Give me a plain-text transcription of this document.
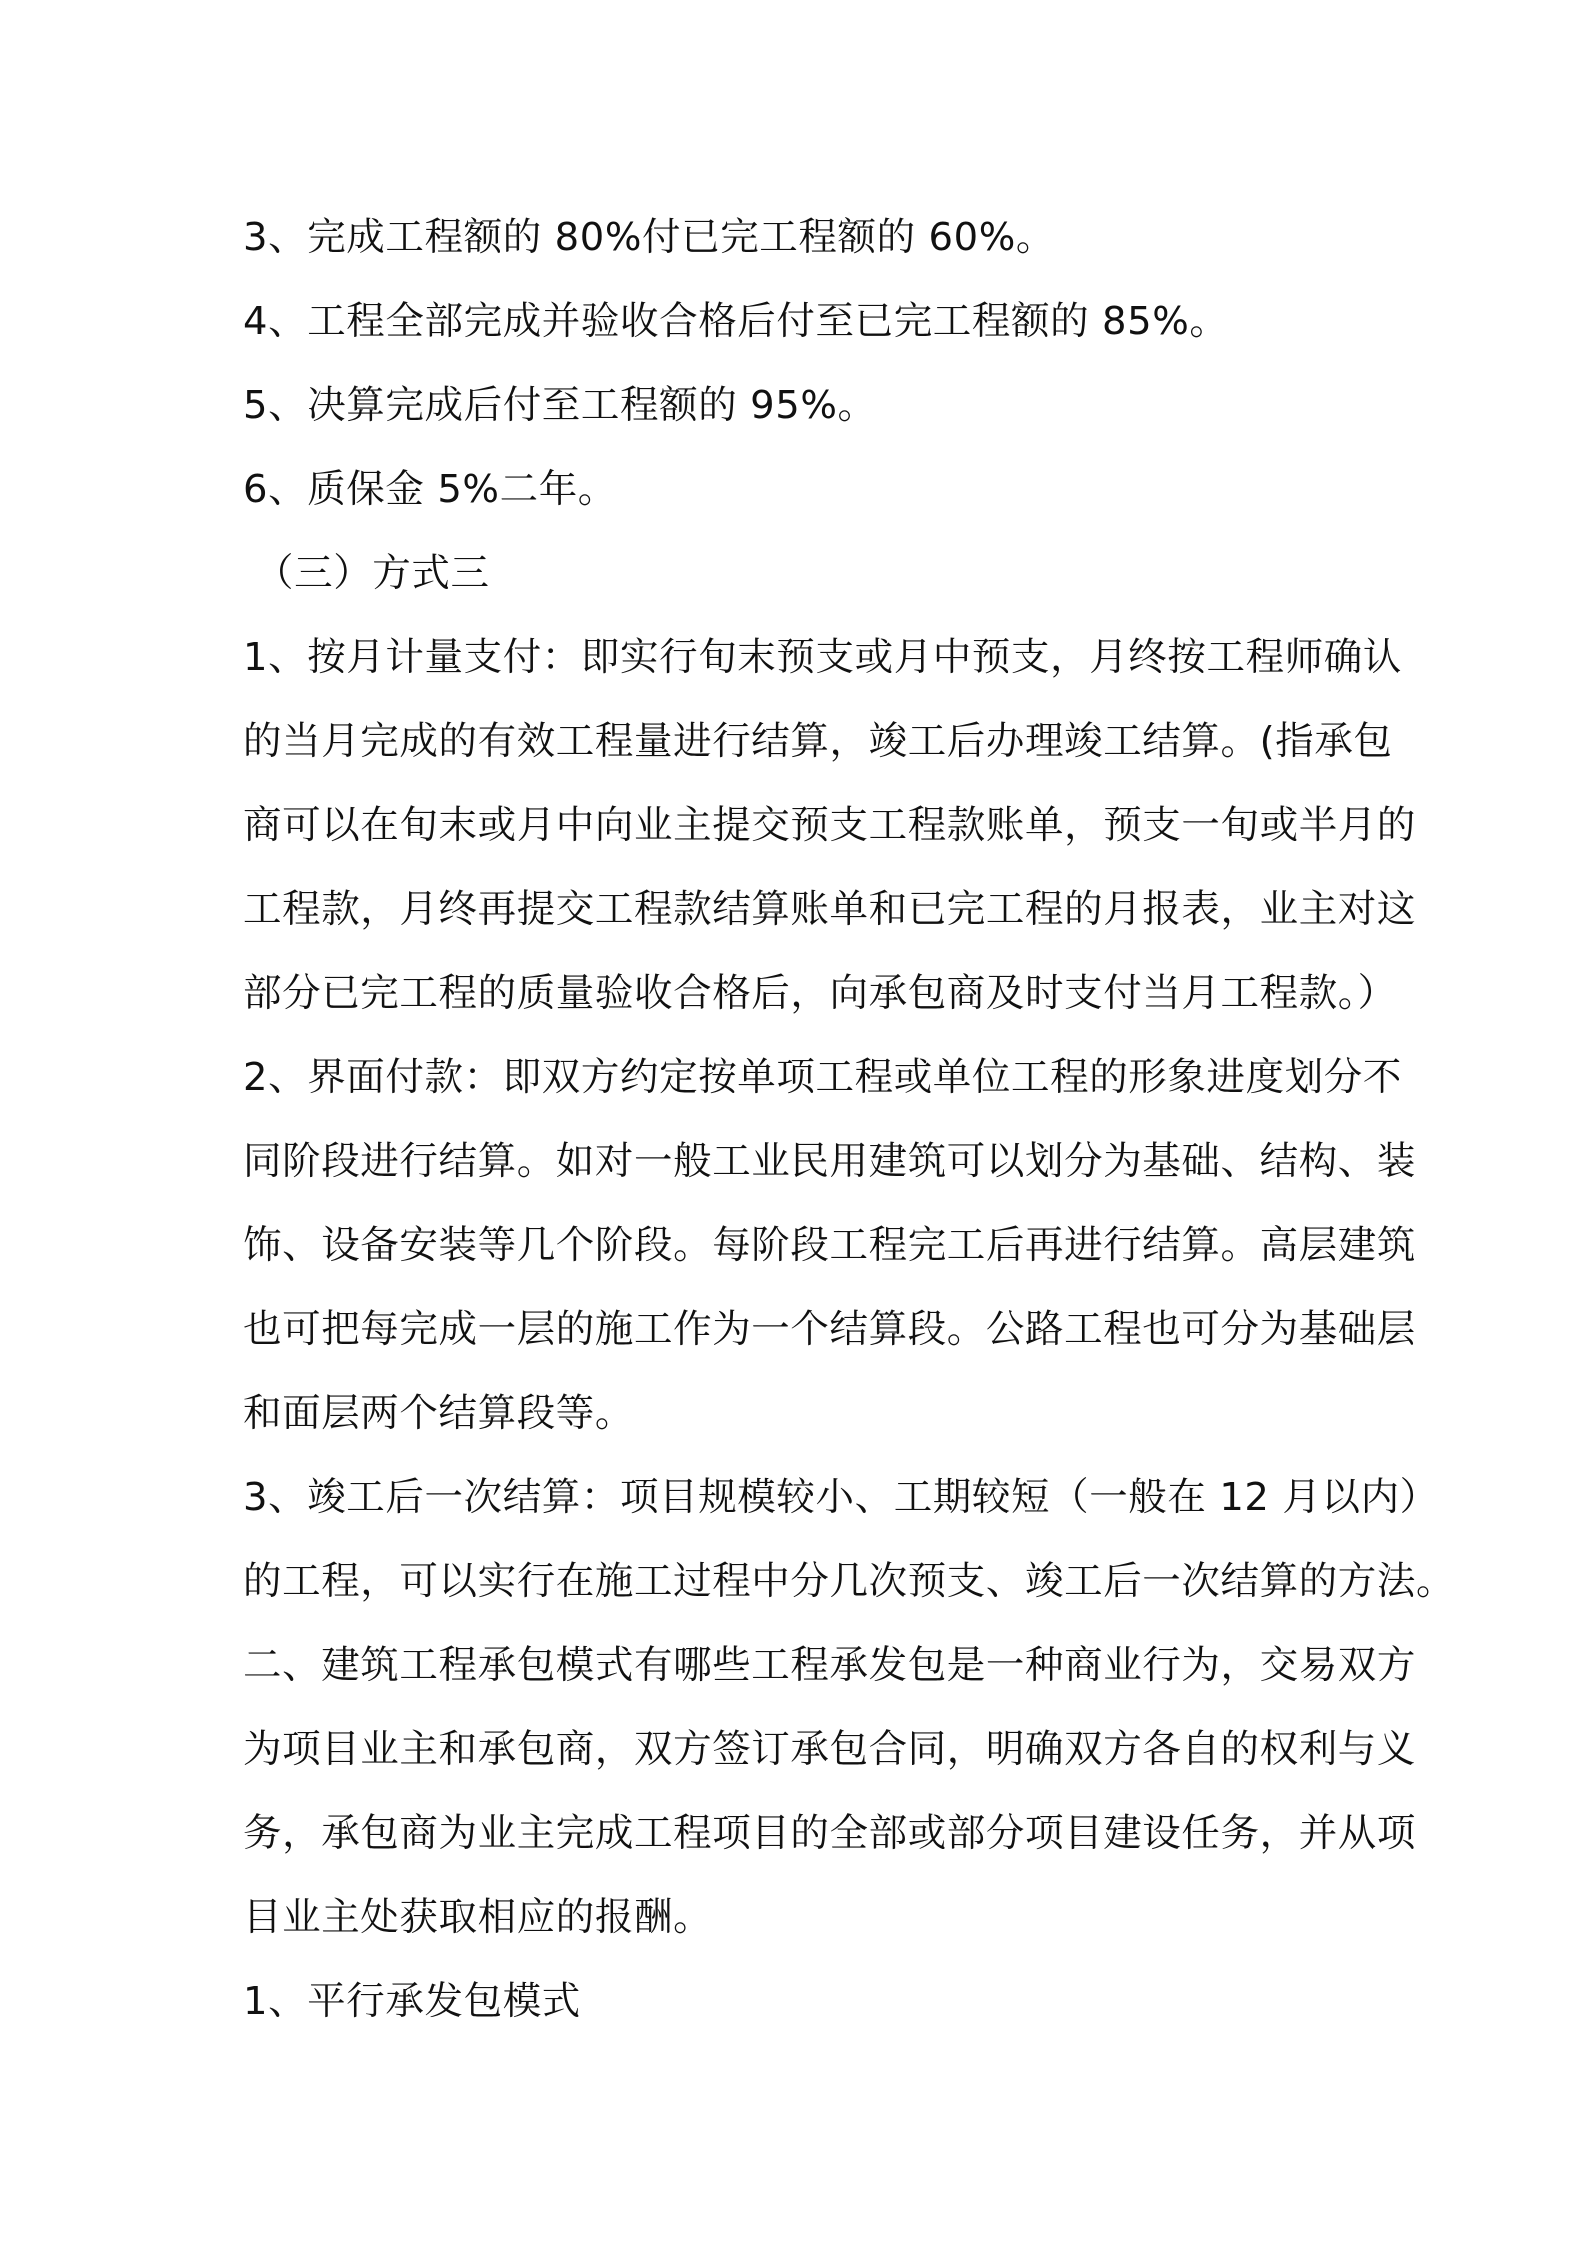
3、完成工程额的 80%付已完工程额的 60%。
4、工程全部完成并验收合格后付至已完工程额的 85%。
5、决算完成后付至工程额的 95%。
6、质保金 5%二年。
（三）方式三
1、按月计量支付：即实行旬末预支或月中预支，月终按工程师确认
的当月完成的有效工程量进行结算，竣工后办理竣工结算。(指承包
商可以在旬末或月中向业主提交预支工程款账单，预支一旬或半月的
工程款，月终再提交工程款结算账单和已完工程的月报表，业主对这
部分已完工程的质量验收合格后，向承包商及时支付当月工程款。）
2、界面付款：即双方约定按单项工程或单位工程的形象进度划分不
同阶段进行结算。如对一般工业民用建筑可以划分为基础、结构、装
饰、设备安装等几个阶段。每阶段工程完工后再进行结算。高层建筑
也可把每完成一层的施工作为一个结算段。公路工程也可分为基础层
和面层两个结算段等。
3、竣工后一次结算：项目规模较小、工期较短（一般在 12 月以内）
的工程，可以实行在施工过程中分几次预支、竣工后一次结算的方法。
二、建筑工程承包模式有哪些工程承发包是一种商业行为，交易双方
为项目业主和承包商，双方签订承包合同，明确双方各自的权利与义
务，承包商为业主完成工程项目的全部或部分项目建设任务，并从项
目业主处获取相应的报酬。
1、平行承发包模式
